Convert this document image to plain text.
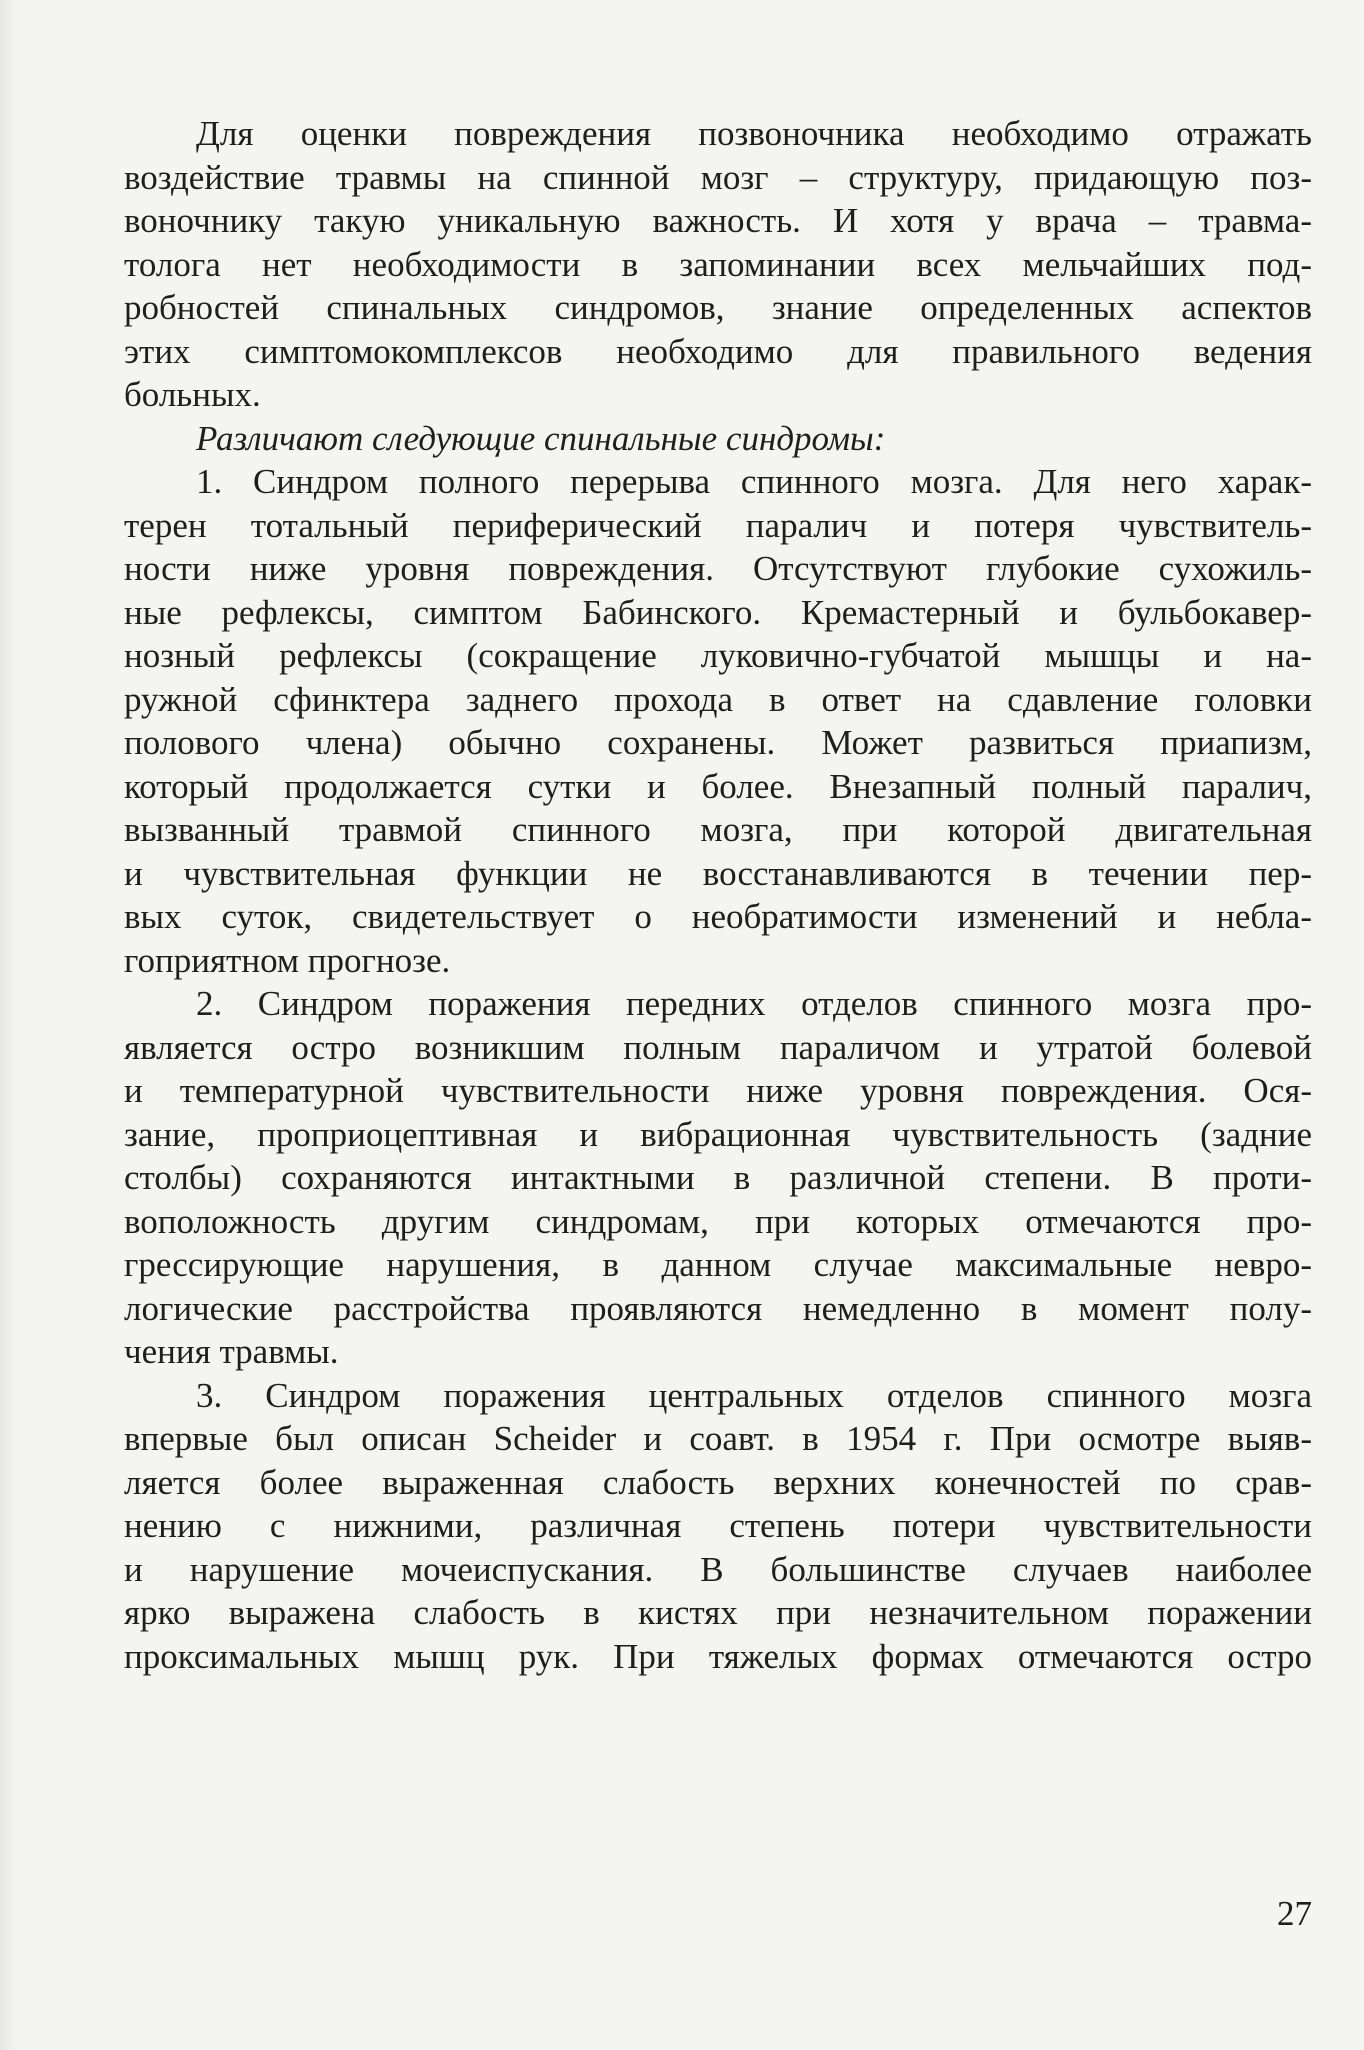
Для оценки повреждения позвоночника необходимо отражать
воздействие травмы на спинной мозг – структуру, придающую поз-
воночнику такую уникальную важность. И хотя у врача – травма-
толога нет необходимости в запоминании всех мельчайших под-
робностей спинальных синдромов, знание определенных аспектов
этих симптомокомплексов необходимо для правильного ведения
больных.
Различают следующие спинальные синдромы:
1. Синдром полного перерыва спинного мозга. Для него харак-
терен тотальный периферический паралич и потеря чувствитель-
ности ниже уровня повреждения. Отсутствуют глубокие сухожиль-
ные рефлексы, симптом Бабинского. Кремастерный и бульбокавер-
нозный рефлексы (сокращение луковично-губчатой мышцы и на-
ружной сфинктера заднего прохода в ответ на сдавление головки
полового члена) обычно сохранены. Может развиться приапизм,
который продолжается сутки и более. Внезапный полный паралич,
вызванный травмой спинного мозга, при которой двигательная
и чувствительная функции не восстанавливаются в течении пер-
вых суток, свидетельствует о необратимости изменений и небла-
гоприятном прогнозе.
2. Синдром поражения передних отделов спинного мозга про-
является остро возникшим полным параличом и утратой болевой
и температурной чувствительности ниже уровня повреждения. Ося-
зание, проприоцептивная и вибрационная чувствительность (задние
столбы) сохраняются интактными в различной степени. В проти-
воположность другим синдромам, при которых отмечаются про-
грессирующие нарушения, в данном случае максимальные невро-
логические расстройства проявляются немедленно в момент полу-
чения травмы.
3. Синдром поражения центральных отделов спинного мозга
впервые был описан Scheider и соавт. в 1954 г. При осмотре выяв-
ляется более выраженная слабость верхних конечностей по срав-
нению с нижними, различная степень потери чувствительности
и нарушение мочеиспускания. В большинстве случаев наиболее
ярко выражена слабость в кистях при незначительном поражении
проксимальных мышц рук. При тяжелых формах отмечаются остро
27
